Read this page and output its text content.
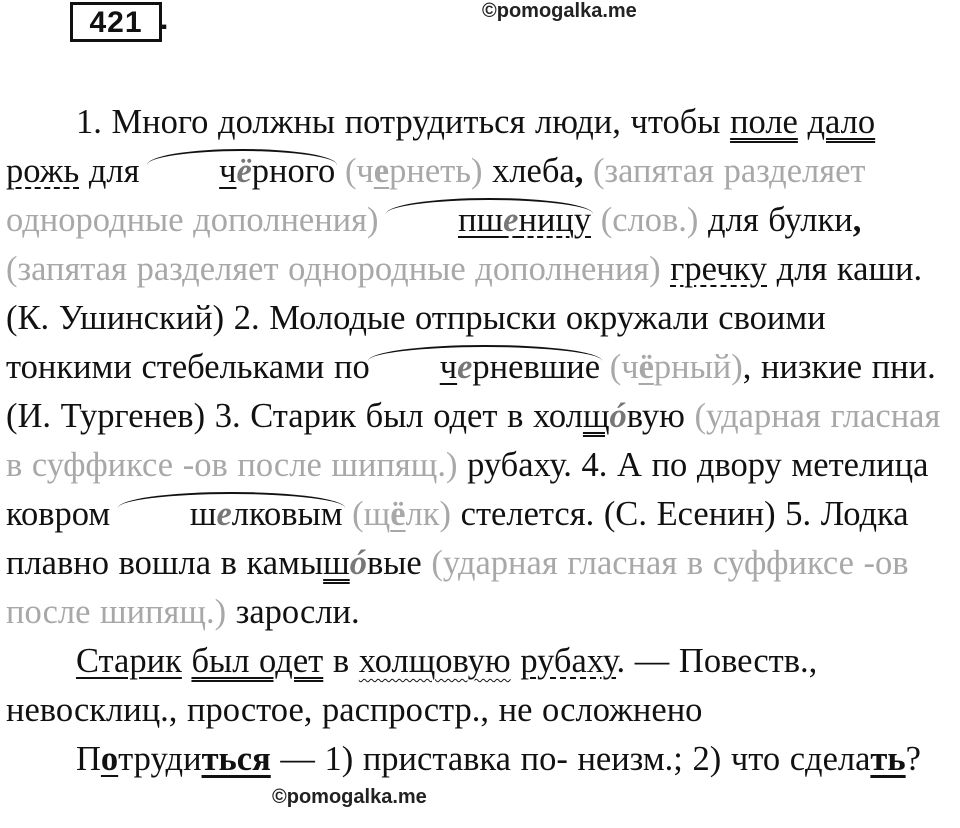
421 .	©pomogalka.me

1. Много должны потрудиться люди, чтобы поле дало рожь для чёрного (чернеть) хлеба, (запятая разделяет однородные дополнения) пшеницу (слов.) для булки, (запятая разделяет однородные дополнения) гречку для каши. (К. Ушинский) 2. Молодые отпрыски окружали своими тонкими стебельками по черневшие (чёрный), низкие пни. (И. Тургенев) 3. Старик был одет в холщóвую (ударная гласная в суффиксе -ов после шипящ.) рубаху. 4. А по двору метелица ковром шелковым (щёлк) стелется. (С. Есенин) 5. Лодка плавно вошла в камышóвые (ударная гласная в суффиксе -ов после шипящ.) заросли.

Старик был одет в холщовую рубаху. — Повеств., невосклиц., простое, распростр., не осложнено

Потрудиться — 1) приставка по- неизм.; 2) что сделать?

©pomogalka.me
